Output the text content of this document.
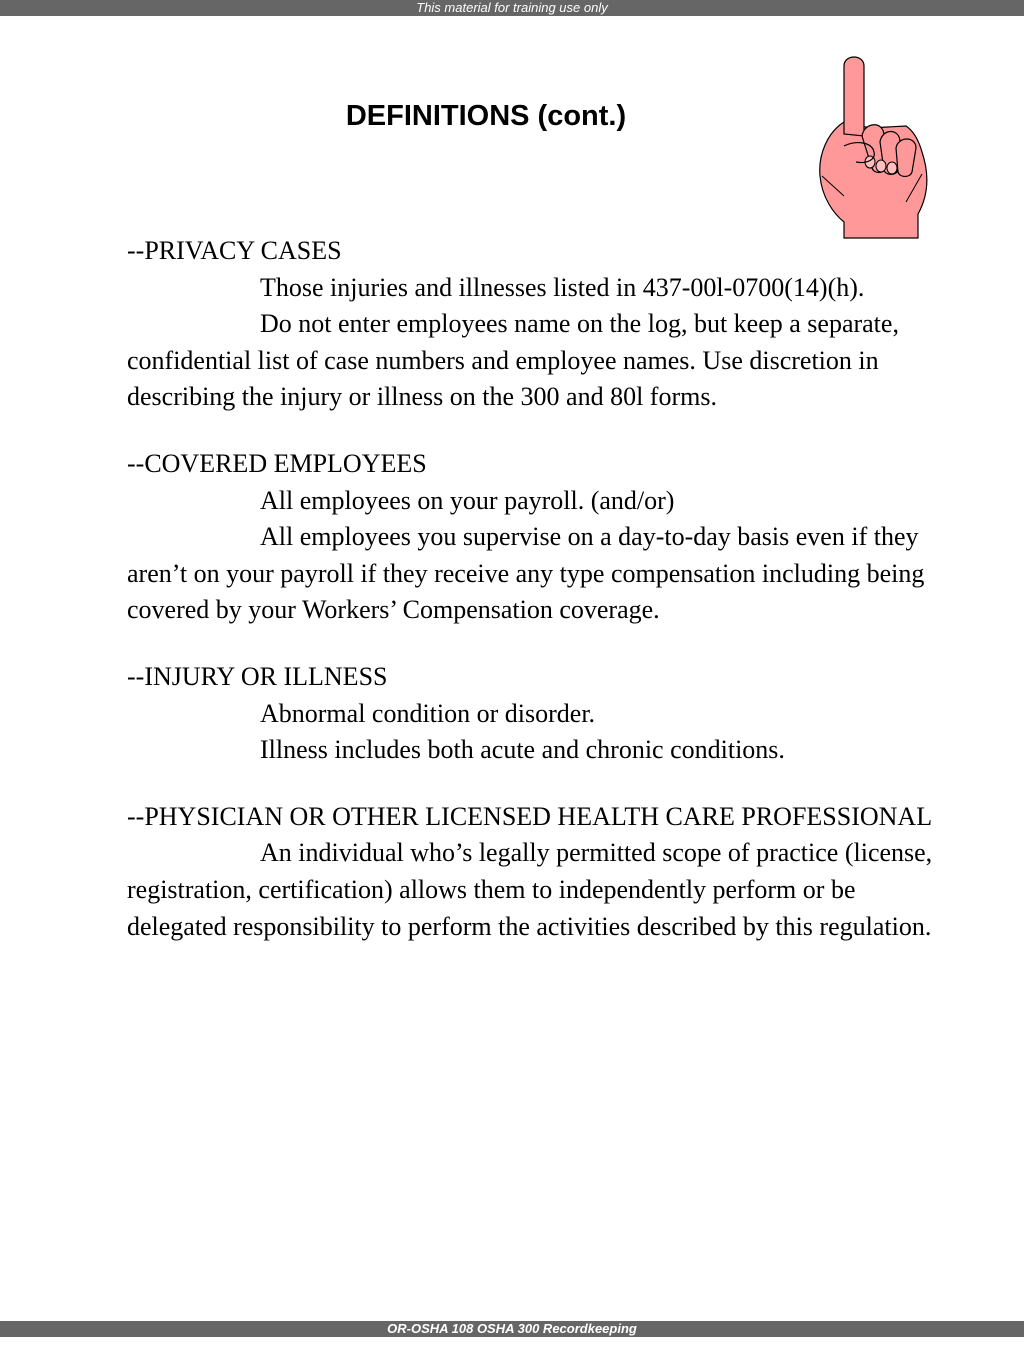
This material for training use only
DEFINITIONS (cont.)

--PRIVACY CASES

Those injuries and illnesses listed in 437-00l-0700(14)(h).

Do not enter employees name on the log, but keep a separate, confidential list of case numbers and employee names. Use discretion in describing the injury or illness on the 300 and 80l forms.

--COVERED EMPLOYEES

All employees on your payroll. (and/or)

All employees you supervise on a day-to-day basis even if they aren’t on your payroll if they receive any type compensation including being covered by your Workers’ Compensation coverage.

--INJURY OR ILLNESS

Abnormal condition or disorder.

Illness includes both acute and chronic conditions.

--PHYSICIAN OR OTHER LICENSED HEALTH CARE PROFESSIONAL

An individual who’s legally permitted scope of practice (license, registration, certification) allows them to independently perform or be delegated responsibility to perform the activities described by this regulation.

OR-OSHA 108 OSHA 300 Recordkeeping
